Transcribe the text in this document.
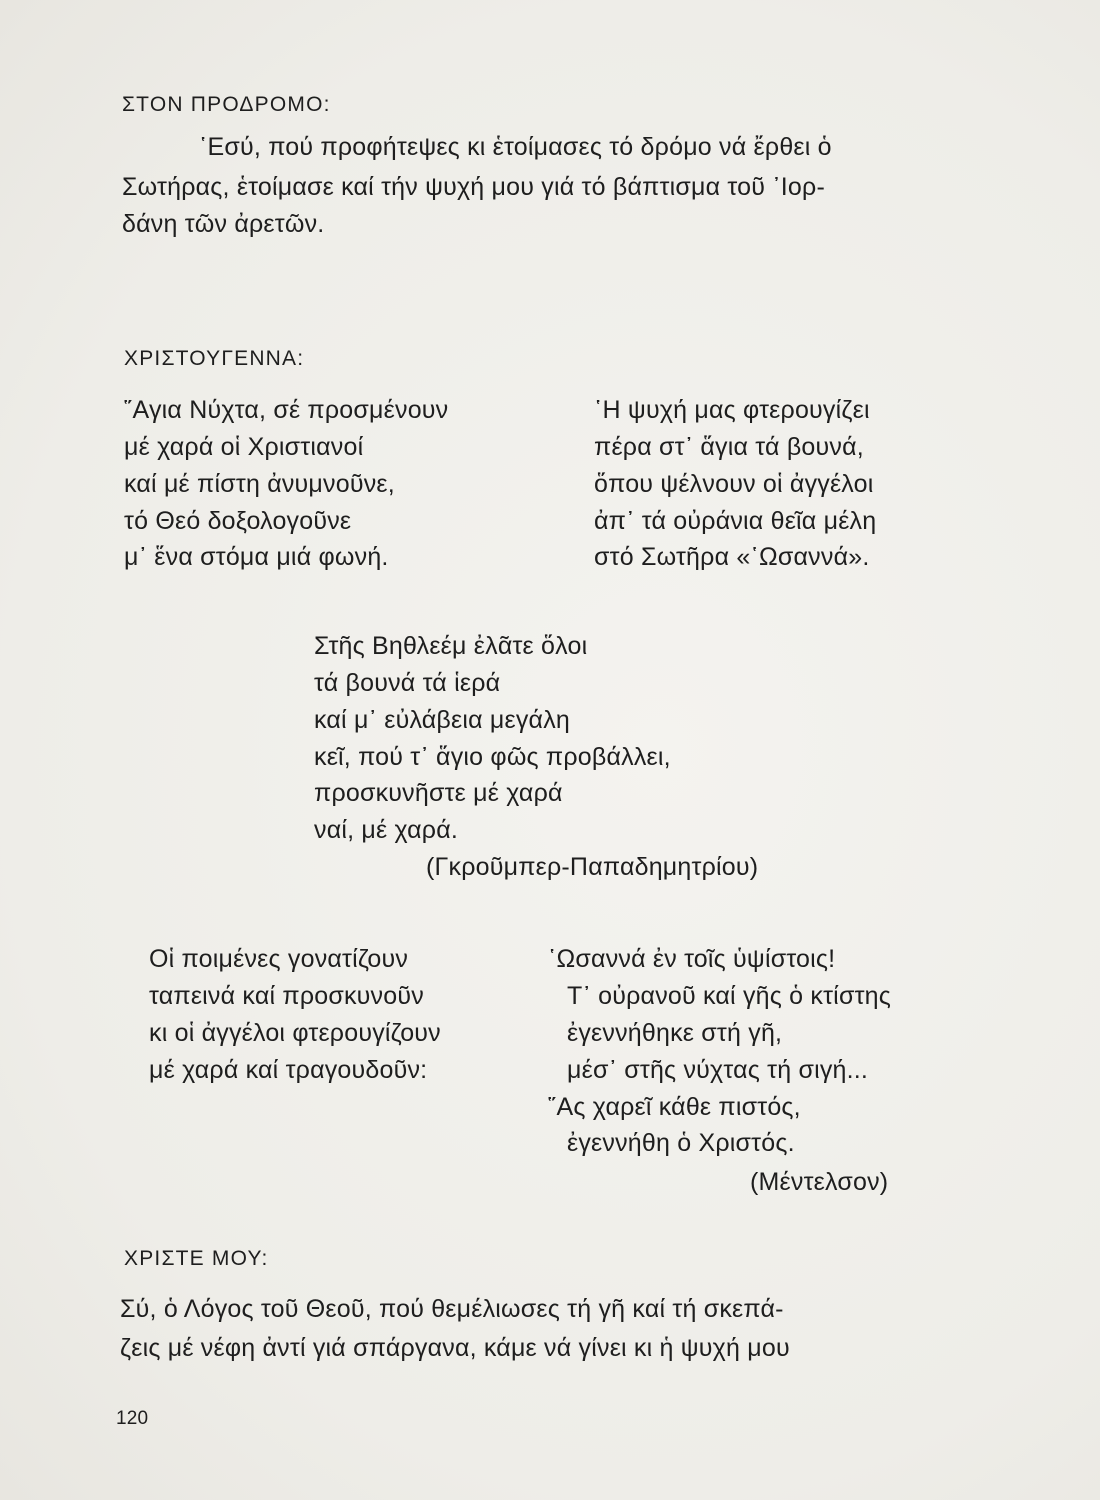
ΣΤΟΝ ΠΡΟΔΡΟΜΟ:
῾Εσύ, πού προφήτεψες κι ἑτοίμασες τό δρόμο νά ἔρθει ὁ
Σωτήρας, ἑτοίμασε καί τήν ψυχή μου γιά τό βάπτισμα τοῦ ᾿Ιορ-
δάνη τῶν ἀρετῶν.
ΧΡΙΣΤΟΥΓΕΝΝΑ:
῞Αγια Νύχτα, σέ προσμένουν
μέ χαρά οἱ Χριστιανοί
καί μέ πίστη ἀνυμνοῦνε,
τό Θεό δοξολογοῦνε
μ᾿ ἕνα στόμα μιά φωνή.
῾Η ψυχή μας φτερουγίζει
πέρα στ᾿ ἅγια τά βουνά,
ὅπου ψέλνουν οἱ ἀγγέλοι
ἀπ᾿ τά οὐράνια θεῖα μέλη
στό Σωτῆρα «῾Ωσαννά».
Στῆς Βηθλεέμ ἐλᾶτε ὅλοι
τά βουνά τά ἱερά
καί μ᾿ εὐλάβεια μεγάλη
κεῖ, πού τ᾿ ἅγιο φῶς προβάλλει,
προσκυνῆστε μέ χαρά
ναί, μέ χαρά.
(Γκροῦμπερ-Παπαδημητρίου)
Οἱ ποιμένες γονατίζουν
ταπεινά καί προσκυνοῦν
κι οἱ ἀγγέλοι φτερουγίζουν
μέ χαρά καί τραγουδοῦν:
῾Ωσαννά ἐν τοῖς ὑψίστοις!
Τ᾿ οὐρανοῦ καί γῆς ὁ κτίστης
ἐγεννήθηκε στή γῆ,
μέσ᾿ στῆς νύχτας τή σιγή...
῞Ας χαρεῖ κάθε πιστός,
ἐγεννήθη ὁ Χριστός.
(Μέντελσον)
ΧΡΙΣΤΕ ΜΟΥ:
Σύ, ὁ Λόγος τοῦ Θεοῦ, πού θεμέλιωσες τή γῆ καί τή σκεπά-
ζεις μέ νέφη ἀντί γιά σπάργανα, κάμε νά γίνει κι ἡ ψυχή μου
120
